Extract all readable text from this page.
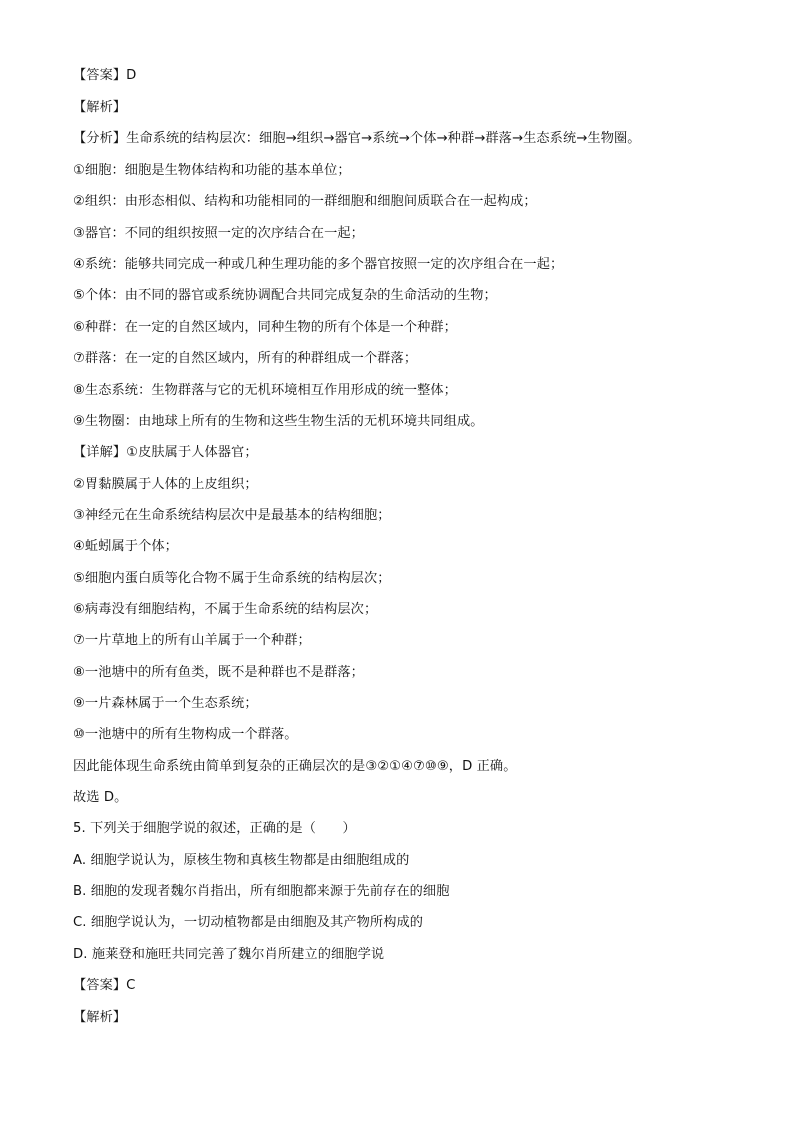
【答案】D
【解析】
【分析】生命系统的结构层次：细胞→组织→器官→系统→个体→种群→群落→生态系统→生物圈。
①细胞：细胞是生物体结构和功能的基本单位；
②组织：由形态相似、结构和功能相同的一群细胞和细胞间质联合在一起构成；
③器官：不同的组织按照一定的次序结合在一起；
④系统：能够共同完成一种或几种生理功能的多个器官按照一定的次序组合在一起；
⑤个体：由不同的器官或系统协调配合共同完成复杂的生命活动的生物；
⑥种群：在一定的自然区域内，同种生物的所有个体是一个种群；
⑦群落：在一定的自然区域内，所有的种群组成一个群落；
⑧生态系统：生物群落与它的无机环境相互作用形成的统一整体；
⑨生物圈：由地球上所有的生物和这些生物生活的无机环境共同组成。
【详解】①皮肤属于人体器官；
②胃黏膜属于人体的上皮组织；
③神经元在生命系统结构层次中是最基本的结构细胞；
④蚯蚓属于个体；
⑤细胞内蛋白质等化合物不属于生命系统的结构层次；
⑥病毒没有细胞结构，不属于生命系统的结构层次；
⑦一片草地上的所有山羊属于一个种群；
⑧一池塘中的所有鱼类，既不是种群也不是群落；
⑨一片森林属于一个生态系统；
⑩一池塘中的所有生物构成一个群落。
因此能体现生命系统由简单到复杂的正确层次的是③②①④⑦⑩⑨，D 正确。
故选 D。
5. 下列关于细胞学说的叙述，正确的是（　　）
A. 细胞学说认为，原核生物和真核生物都是由细胞组成的
B. 细胞的发现者魏尔肖指出，所有细胞都来源于先前存在的细胞
C. 细胞学说认为，一切动植物都是由细胞及其产物所构成的
D. 施莱登和施旺共同完善了魏尔肖所建立的细胞学说
【答案】C
【解析】
